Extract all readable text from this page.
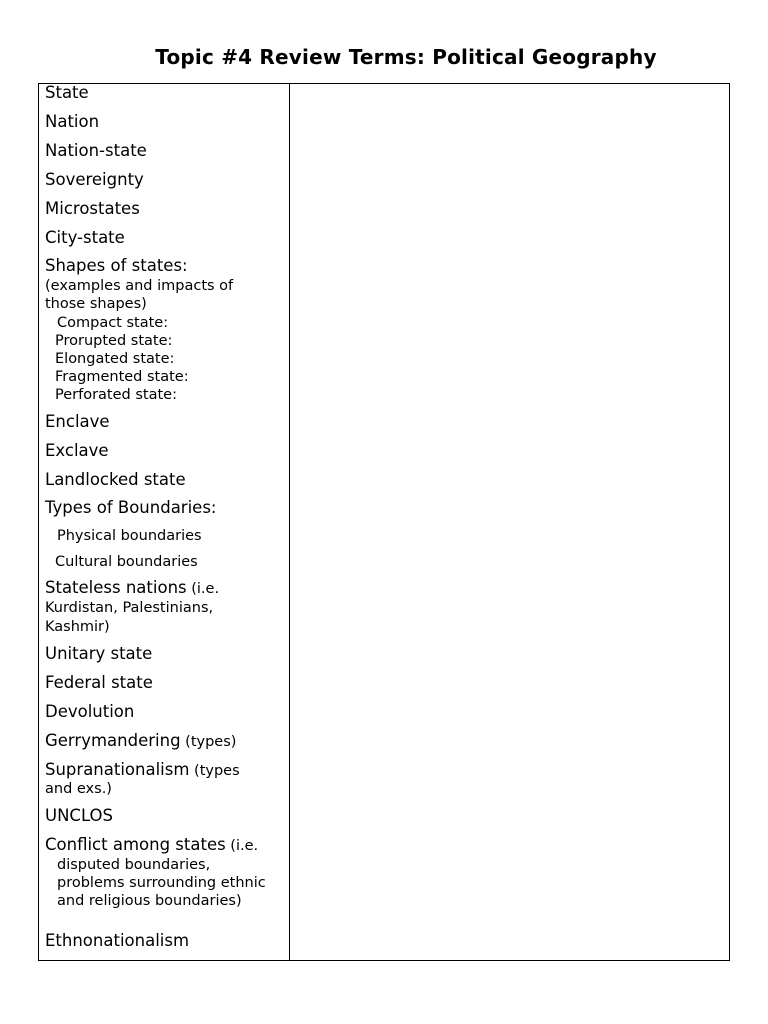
Topic #4 Review Terms: Political Geography
State
Nation
Nation-state
Sovereignty
Microstates
City-state
Shapes of states:
(examples and impacts of
those shapes)
Compact state:
Prorupted state:
Elongated state:
Fragmented state:
Perforated state:
Enclave
Exclave
Landlocked state
Types of Boundaries:
Physical boundaries
Cultural boundaries
Stateless nations (i.e.
Kurdistan, Palestinians,
Kashmir)
Unitary state
Federal state
Devolution
Gerrymandering (types)
Supranationalism (types
and exs.)
UNCLOS
Conflict among states (i.e.
disputed boundaries,
problems surrounding ethnic
and religious boundaries)
Ethnonationalism
